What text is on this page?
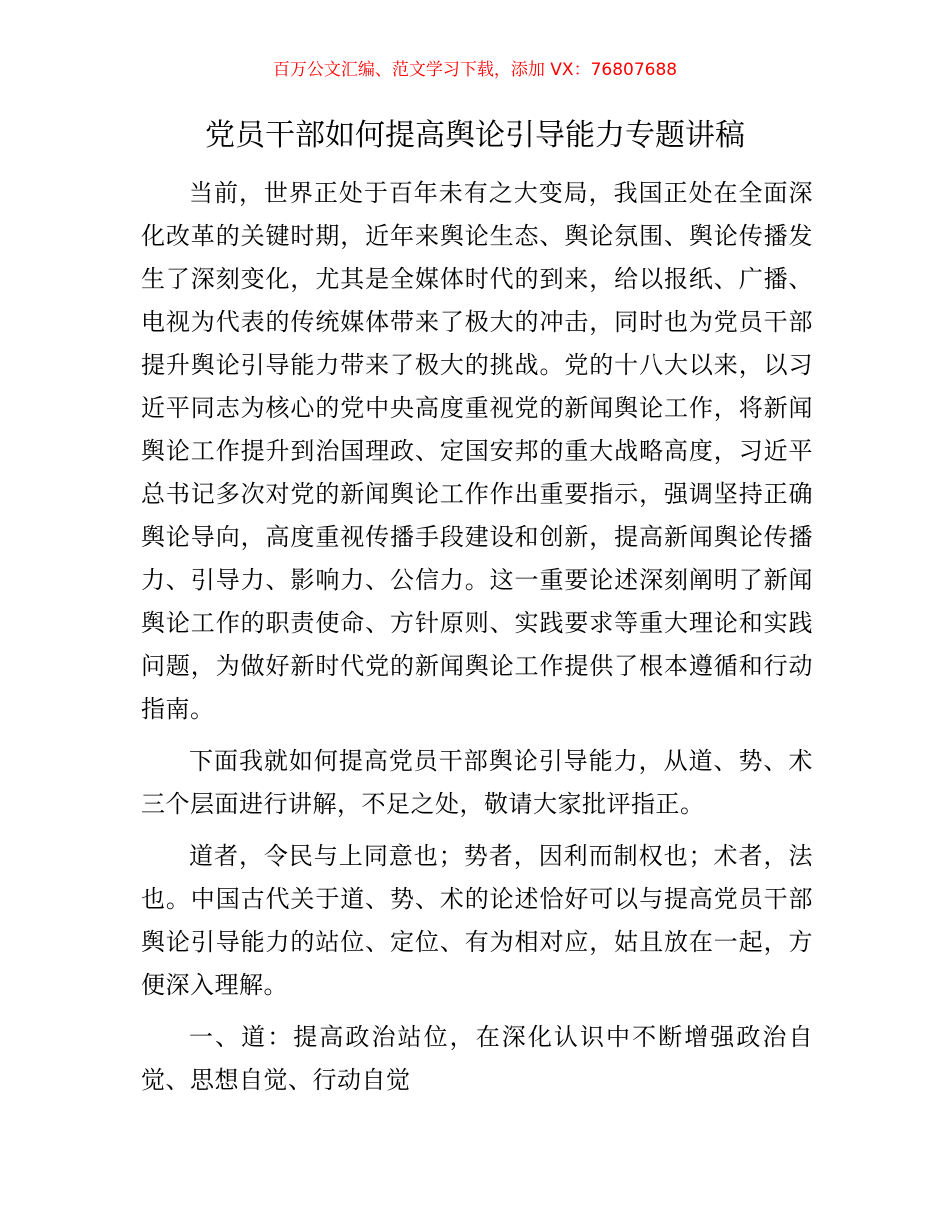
百万公文汇编、范文学习下载，添加 VX：76807688
党员干部如何提高舆论引导能力专题讲稿

当前，世界正处于百年未有之大变局，我国正处在全面深化改革的关键时期，近年来舆论生态、舆论氛围、舆论传播发生了深刻变化，尤其是全媒体时代的到来，给以报纸、广播、电视为代表的传统媒体带来了极大的冲击，同时也为党员干部提升舆论引导能力带来了极大的挑战。党的十八大以来，以习近平同志为核心的党中央高度重视党的新闻舆论工作，将新闻舆论工作提升到治国理政、定国安邦的重大战略高度，习近平总书记多次对党的新闻舆论工作作出重要指示，强调坚持正确舆论导向，高度重视传播手段建设和创新，提高新闻舆论传播力、引导力、影响力、公信力。这一重要论述深刻阐明了新闻舆论工作的职责使命、方针原则、实践要求等重大理论和实践问题，为做好新时代党的新闻舆论工作提供了根本遵循和行动指南。

下面我就如何提高党员干部舆论引导能力，从道、势、术三个层面进行讲解，不足之处，敬请大家批评指正。

道者，令民与上同意也；势者，因利而制权也；术者，法也。中国古代关于道、势、术的论述恰好可以与提高党员干部舆论引导能力的站位、定位、有为相对应，姑且放在一起，方便深入理解。

一、道：提高政治站位，在深化认识中不断增强政治自觉、思想自觉、行动自觉
